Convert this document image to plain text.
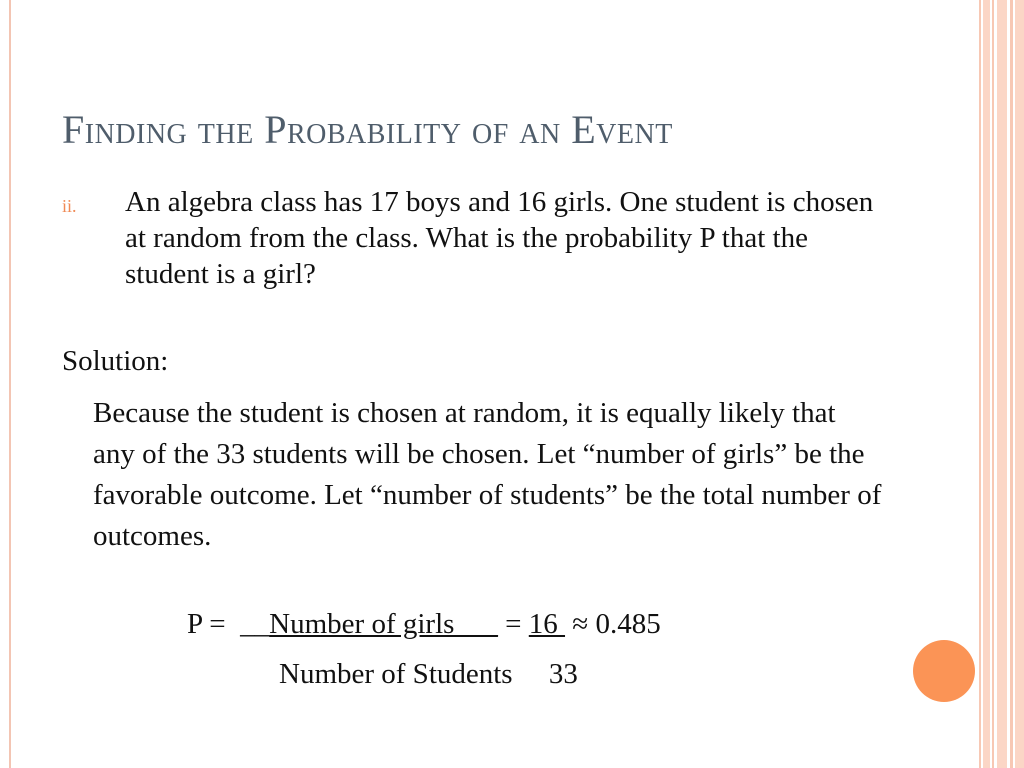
Finding the Probability of an Event
ii. An algebra class has 17 boys and 16 girls. One student is chosen at random from the class. What is the probability P that the student is a girl?
Solution:
Because the student is chosen at random, it is equally likely that any of the 33 students will be chosen. Let “number of girls” be the favorable outcome. Let “number of students” be the total number of outcomes.
P =  __Number of girls___ = 16  ≈ 0.485
Number of Students 33
